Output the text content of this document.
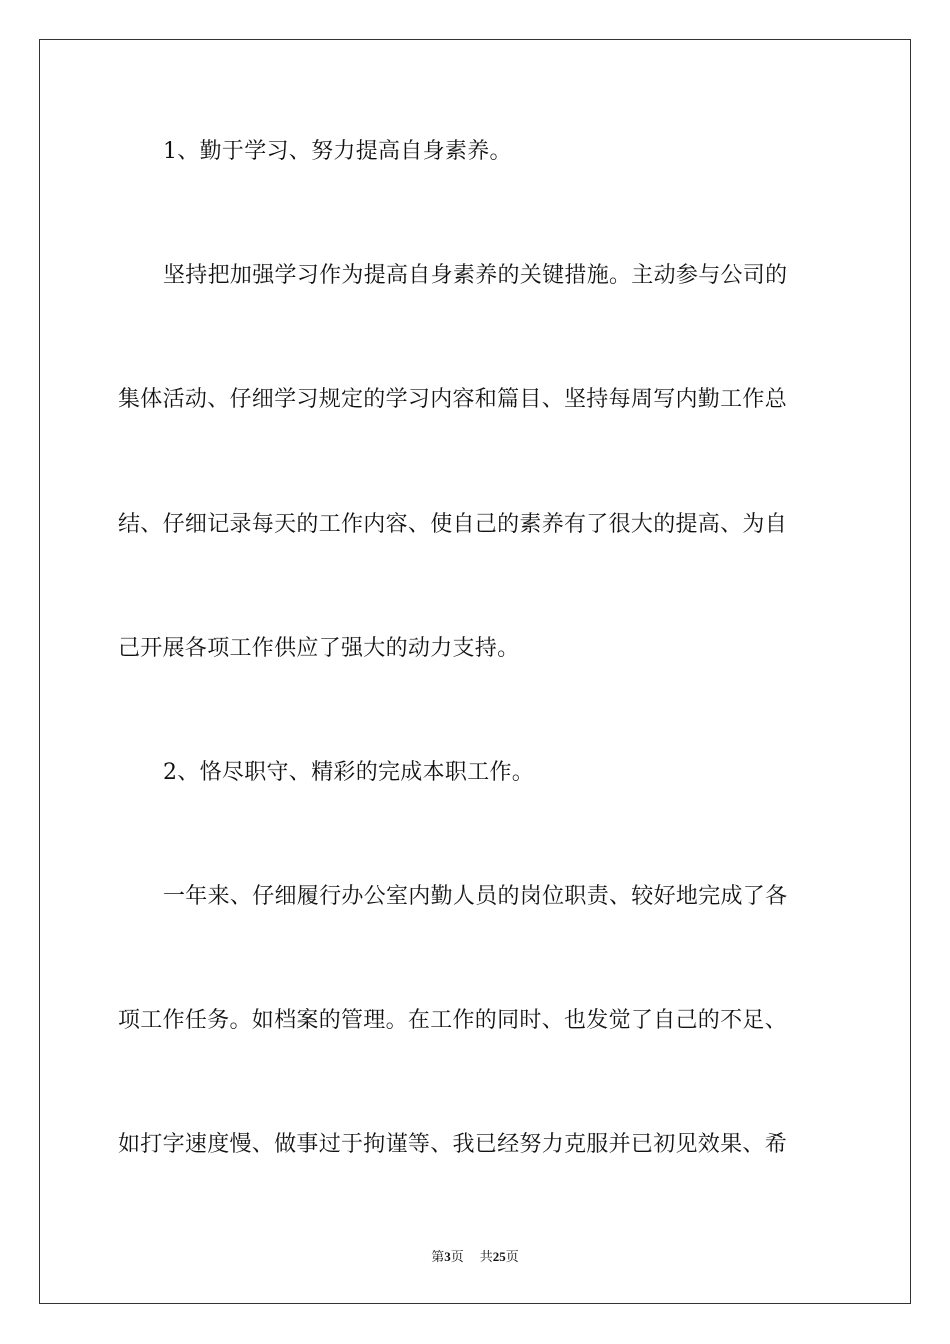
1、勤于学习、努力提高自身素养。

坚持把加强学习作为提高自身素养的关键措施。主动参与公司的

集体活动、仔细学习规定的学习内容和篇目、坚持每周写内勤工作总

结、仔细记录每天的工作内容、使自己的素养有了很大的提高、为自

己开展各项工作供应了强大的动力支持。

2、恪尽职守、精彩的完成本职工作。

一年来、仔细履行办公室内勤人员的岗位职责、较好地完成了各

项工作任务。如档案的管理。在工作的同时、也发觉了自己的不足、

如打字速度慢、做事过于拘谨等、我已经努力克服并已初见效果、希

第3页 共25页
